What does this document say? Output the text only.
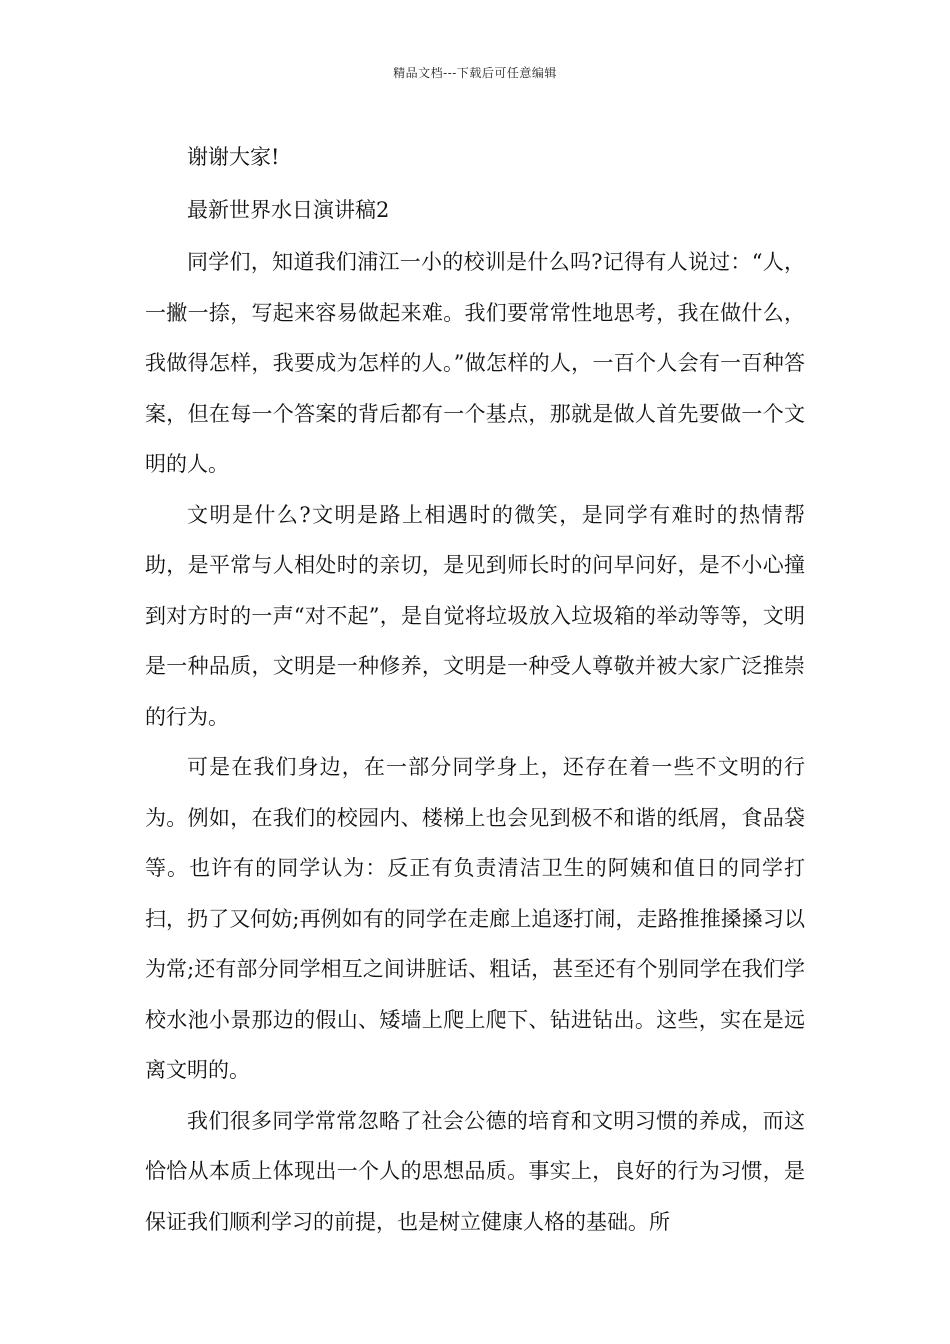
精品文档---下载后可任意编辑

谢谢大家!

最新世界水日演讲稿2

同学们，知道我们浦江一小的校训是什么吗?记得有人说过：“人，一撇一捺，写起来容易做起来难。我们要常常性地思考，我在做什么，我做得怎样，我要成为怎样的人。”做怎样的人，一百个人会有一百种答案，但在每一个答案的背后都有一个基点，那就是做人首先要做一个文明的人。

文明是什么?文明是路上相遇时的微笑，是同学有难时的热情帮助，是平常与人相处时的亲切，是见到师长时的问早问好，是不小心撞到对方时的一声“对不起”，是自觉将垃圾放入垃圾箱的举动等等，文明是一种品质，文明是一种修养，文明是一种受人尊敬并被大家广泛推崇的行为。

可是在我们身边，在一部分同学身上，还存在着一些不文明的行为。例如，在我们的校园内、楼梯上也会见到极不和谐的纸屑，食品袋等。也许有的同学认为：反正有负责清洁卫生的阿姨和值日的同学打扫，扔了又何妨;再例如有的同学在走廊上追逐打闹，走路推推搡搡习以为常;还有部分同学相互之间讲脏话、粗话，甚至还有个别同学在我们学校水池小景那边的假山、矮墙上爬上爬下、钻进钻出。这些，实在是远离文明的。

我们很多同学常常忽略了社会公德的培育和文明习惯的养成，而这恰恰从本质上体现出一个人的思想品质。事实上，良好的行为习惯，是保证我们顺利学习的前提，也是树立健康人格的基础。所
